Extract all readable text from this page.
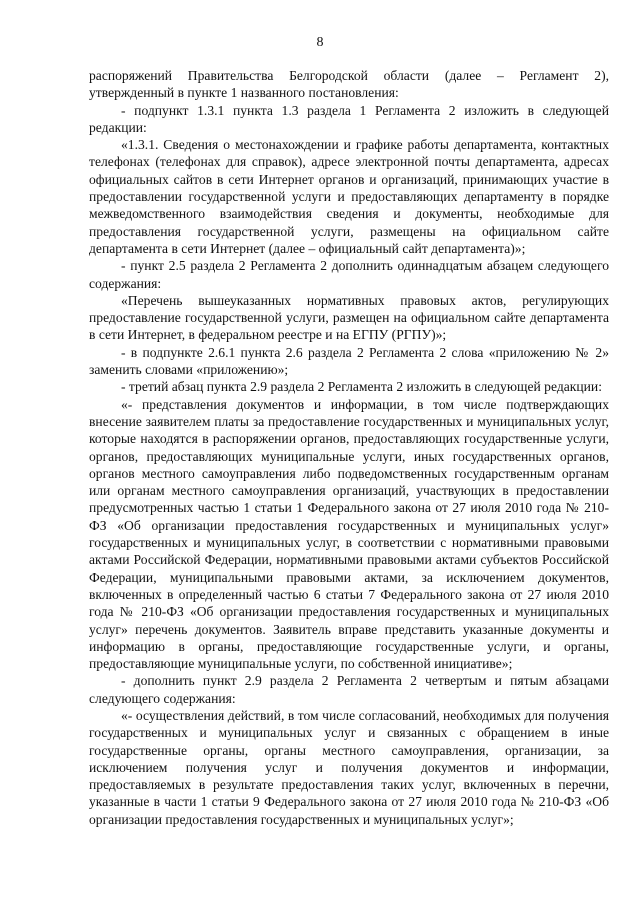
8

распоряжений Правительства Белгородской области (далее – Регламент 2), утвержденный в пункте 1 названного постановления:

- подпункт 1.3.1 пункта 1.3 раздела 1 Регламента 2 изложить в следующей редакции:

«1.3.1. Сведения о местонахождении и графике работы департамента, контактных телефонах (телефонах для справок), адресе электронной почты департамента, адресах официальных сайтов в сети Интернет органов и организаций, принимающих участие в предоставлении государственной услуги и предоставляющих департаменту в порядке межведомственного взаимодействия сведения и документы, необходимые для предоставления государственной услуги, размещены на официальном сайте департамента в сети Интернет (далее – официальный сайт департамента)»;

- пункт 2.5 раздела 2 Регламента 2 дополнить одиннадцатым абзацем следующего содержания:

«Перечень вышеуказанных нормативных правовых актов, регулирующих предоставление государственной услуги, размещен на официальном сайте департамента в сети Интернет, в федеральном реестре и на ЕГПУ (РГПУ)»;

- в подпункте 2.6.1 пункта 2.6 раздела 2 Регламента 2 слова «приложению № 2» заменить словами «приложению»;

- третий абзац пункта 2.9 раздела 2 Регламента 2 изложить в следующей редакции:

«- представления документов и информации, в том числе подтверждающих внесение заявителем платы за предоставление государственных и муниципальных услуг, которые находятся в распоряжении органов, предоставляющих государственные услуги, органов, предоставляющих муниципальные услуги, иных государственных органов, органов местного самоуправления либо подведомственных государственным органам или органам местного самоуправления организаций, участвующих в предоставлении предусмотренных частью 1 статьи 1 Федерального закона от 27 июля 2010 года № 210-ФЗ «Об организации предоставления государственных и муниципальных услуг» государственных и муниципальных услуг, в соответствии с нормативными правовыми актами Российской Федерации, нормативными правовыми актами субъектов Российской Федерации, муниципальными правовыми актами, за исключением документов, включенных в определенный частью 6 статьи 7 Федерального закона от 27 июля 2010 года № 210-ФЗ «Об организации предоставления государственных и муниципальных услуг» перечень документов. Заявитель вправе представить указанные документы и информацию в органы, предоставляющие государственные услуги, и органы, предоставляющие муниципальные услуги, по собственной инициативе»;

- дополнить пункт 2.9 раздела 2 Регламента 2 четвертым и пятым абзацами следующего содержания:

«- осуществления действий, в том числе согласований, необходимых для получения государственных и муниципальных услуг и связанных с обращением в иные государственные органы, органы местного самоуправления, организации, за исключением получения услуг и получения документов и информации, предоставляемых в результате предоставления таких услуг, включенных в перечни, указанные в части 1 статьи 9 Федерального закона от 27 июля 2010 года № 210-ФЗ «Об организации предоставления государственных и муниципальных услуг»;
